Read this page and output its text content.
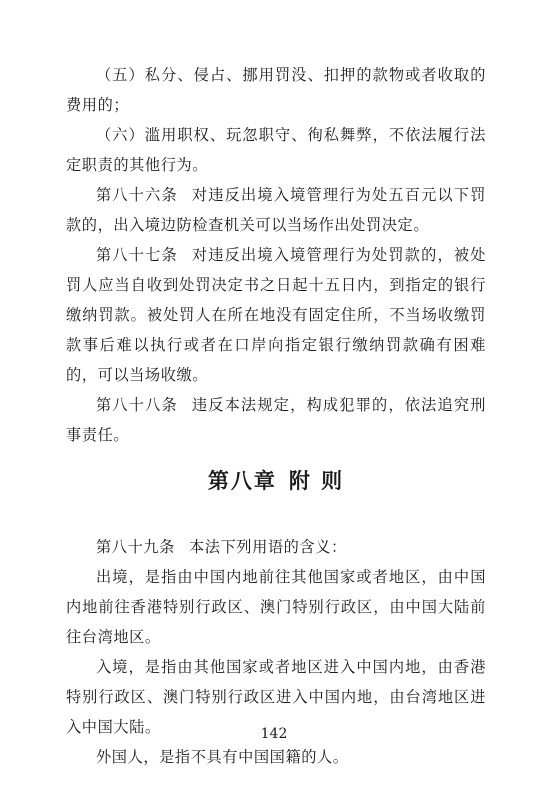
（五）私分、侵占、挪用罚没、扣押的款物或者收取的费用的；

（六）滥用职权、玩忽职守、徇私舞弊，不依法履行法定职责的其他行为。

第八十六条 对违反出境入境管理行为处五百元以下罚款的，出入境边防检查机关可以当场作出处罚决定。

第八十七条 对违反出境入境管理行为处罚款的，被处罚人应当自收到处罚决定书之日起十五日内，到指定的银行缴纳罚款。被处罚人在所在地没有固定住所，不当场收缴罚款事后难以执行或者在口岸向指定银行缴纳罚款确有困难的，可以当场收缴。

第八十八条 违反本法规定，构成犯罪的，依法追究刑事责任。

第八章 附 则

第八十九条 本法下列用语的含义：

出境，是指由中国内地前往其他国家或者地区，由中国内地前往香港特别行政区、澳门特别行政区，由中国大陆前往台湾地区。

入境，是指由其他国家或者地区进入中国内地，由香港特别行政区、澳门特别行政区进入中国内地，由台湾地区进入中国大陆。

外国人，是指不具有中国国籍的人。

142
